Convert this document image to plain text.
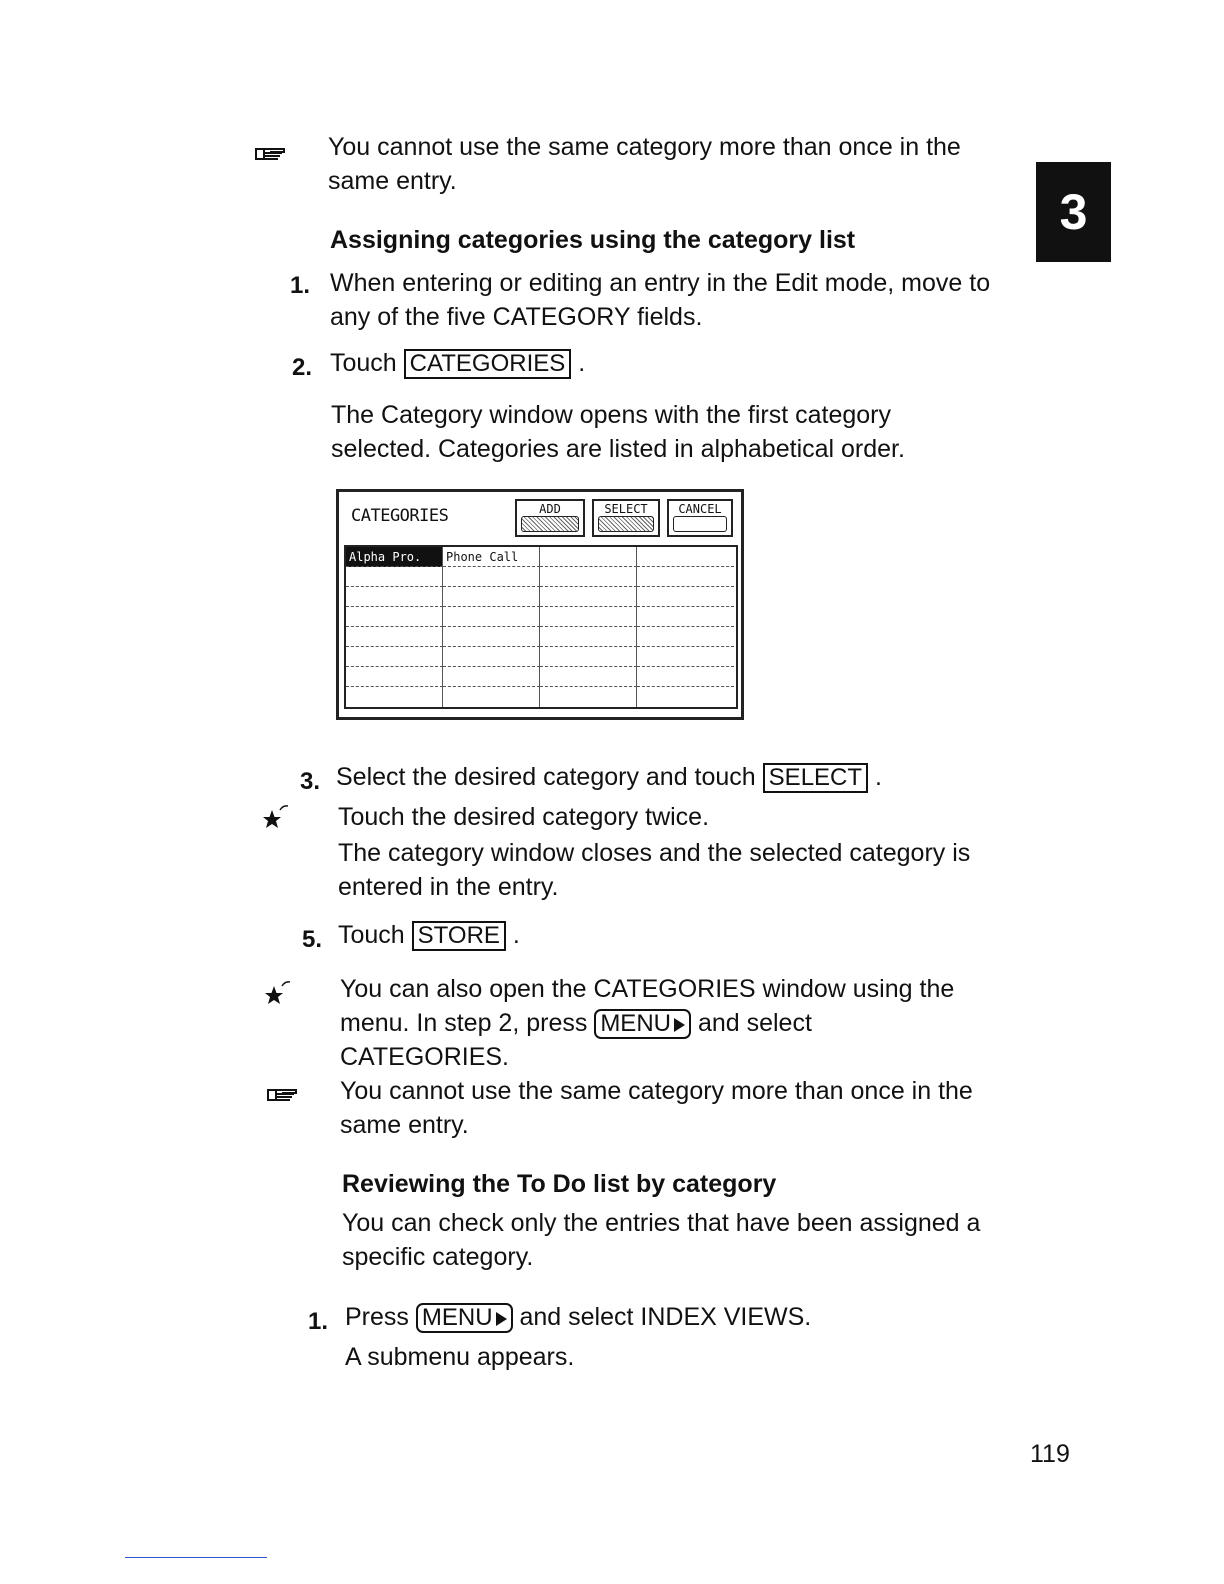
3
You cannot use the same category more than once in the same entry.
Assigning categories using the category list
1. When entering or editing an entry in the Edit mode, move to any of the five CATEGORY fields.
2. Touch CATEGORIES .
The Category window opens with the first category selected. Categories are listed in alphabetical order.
CATEGORIES	ADD	SELECT	CANCEL
Alpha Pro.	Phone Call
3. Select the desired category and touch SELECT .
Touch the desired category twice.
The category window closes and the selected category is entered in the entry.
5. Touch STORE .
You can also open the CATEGORIES window using the
menu. In step 2, press MENU and select
CATEGORIES.
You cannot use the same category more than once in the same entry.
Reviewing the To Do list by category
You can check only the entries that have been assigned a specific category.
1. Press MENU and select INDEX VIEWS.
A submenu appears.
119
